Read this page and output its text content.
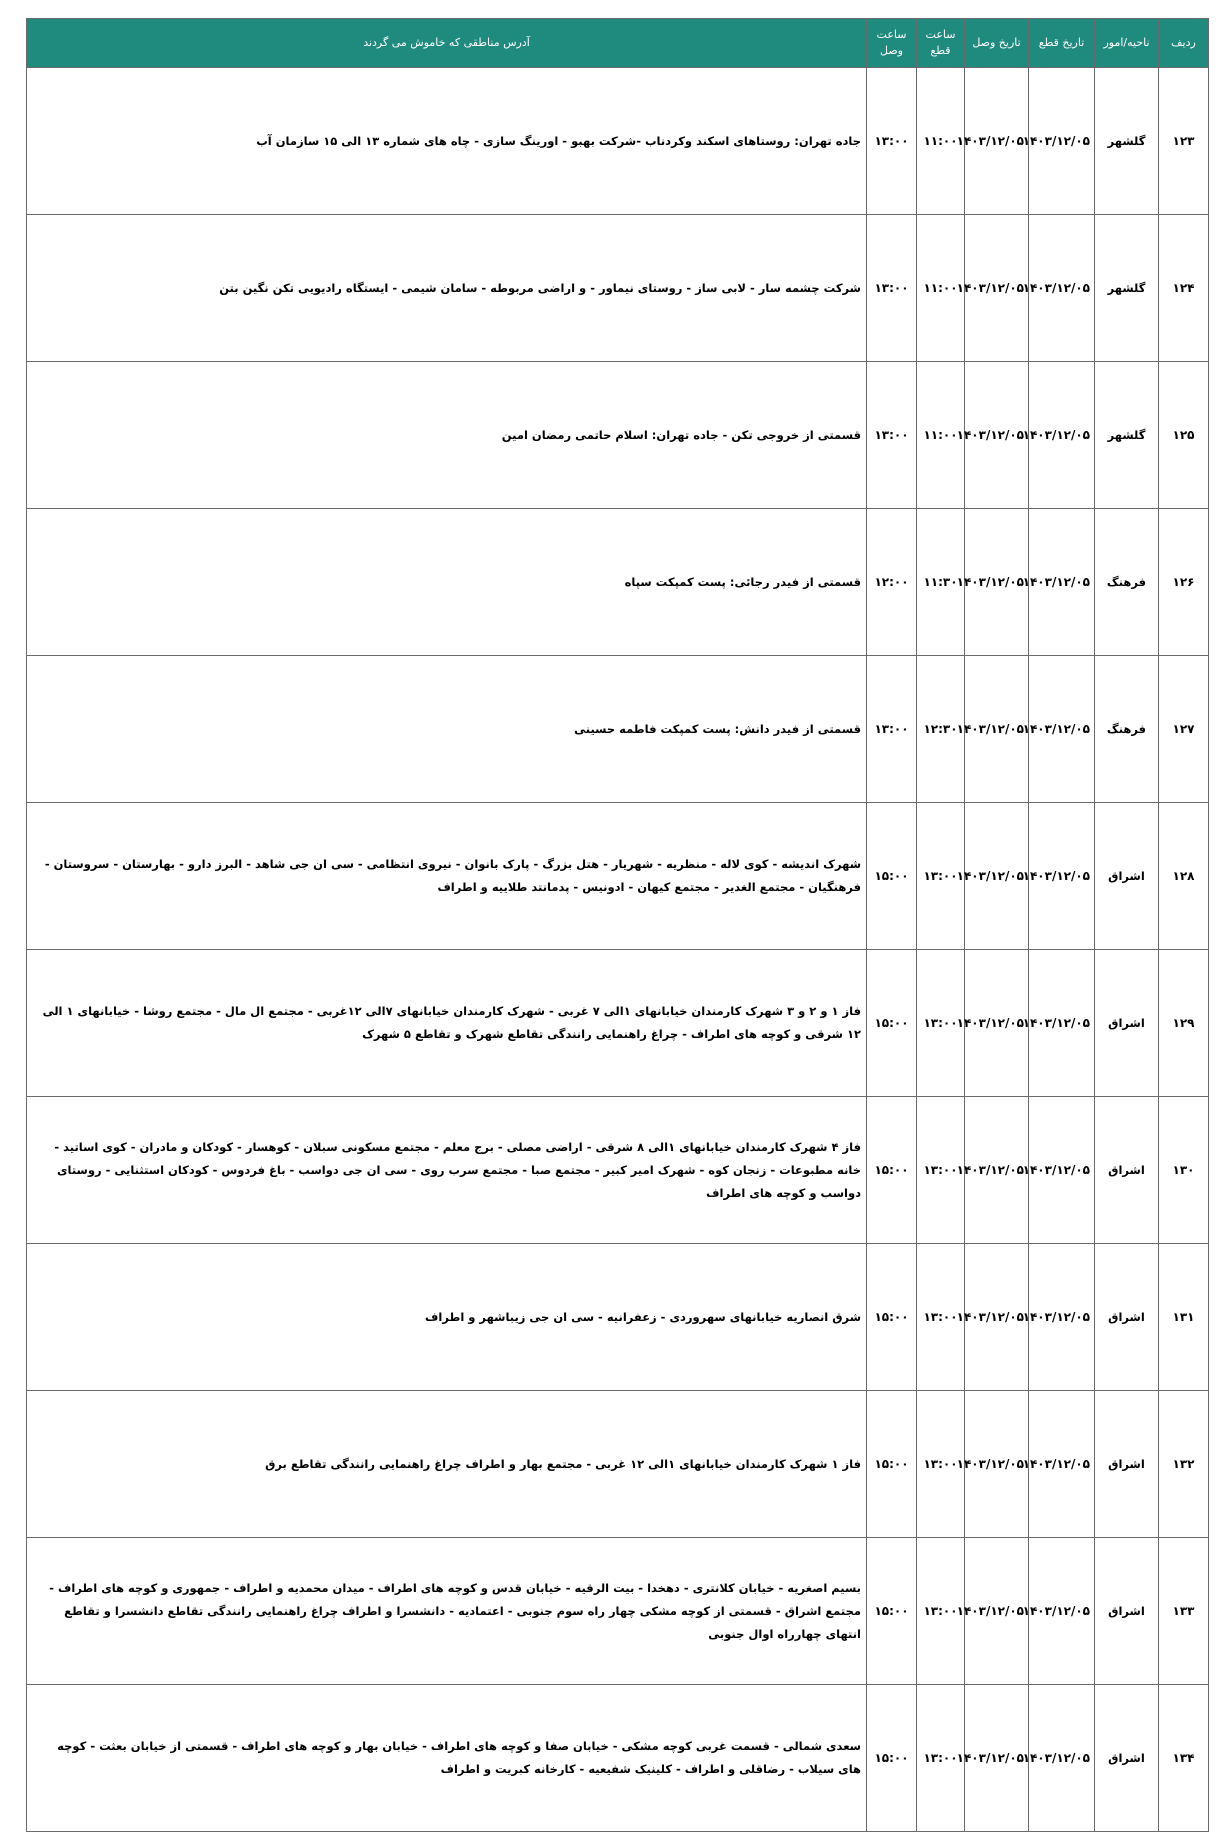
ردیف	ناحیه/امور	تاریخ قطع	تاریخ وصل	ساعت قطع	ساعت وصل	آدرس مناطقی که خاموش می گردند
۱۲۳	گلشهر	۱۴۰۳/۱۲/۰۵	۱۴۰۳/۱۲/۰۵	۱۱:۰۰	۱۳:۰۰	جاده تهران: روستاهای اسکند وکردناب -شرکت بهبو - اورینگ سازی - چاه های شماره ۱۳ الی ۱۵ سازمان آب
۱۲۴	گلشهر	۱۴۰۳/۱۲/۰۵	۱۴۰۳/۱۲/۰۵	۱۱:۰۰	۱۳:۰۰	شرکت چشمه سار - لابی ساز - روستای نیماور - و اراضی مربوطه - سامان شیمی - ایستگاه رادیویی تکن نگین بتن
۱۲۵	گلشهر	۱۴۰۳/۱۲/۰۵	۱۴۰۳/۱۲/۰۵	۱۱:۰۰	۱۳:۰۰	قسمتی از خروجی تکن - جاده تهران: اسلام حاتمی رمضان امین
۱۲۶	فرهنگ	۱۴۰۳/۱۲/۰۵	۱۴۰۳/۱۲/۰۵	۱۱:۳۰	۱۲:۰۰	قسمتی از فیدر رجائی: پست کمپکت سپاه
۱۲۷	فرهنگ	۱۴۰۳/۱۲/۰۵	۱۴۰۳/۱۲/۰۵	۱۲:۳۰	۱۳:۰۰	قسمتی از فیدر دانش: پست کمپکت فاطمه حسینی
۱۲۸	اشراق	۱۴۰۳/۱۲/۰۵	۱۴۰۳/۱۲/۰۵	۱۳:۰۰	۱۵:۰۰	شهرک اندیشه - کوی لاله - منظریه - شهریار - هتل بزرگ - پارک بانوان - نیروی انتظامی - سی ان جی شاهد - البرز دارو - بهارستان - سروستان - فرهنگیان - مجتمع الغدیر - مجتمع کیهان - ادونیس - پدمانتد طلاییه و اطراف
۱۲۹	اشراق	۱۴۰۳/۱۲/۰۵	۱۴۰۳/۱۲/۰۵	۱۳:۰۰	۱۵:۰۰	فاز ۱ و ۲ و ۳ شهرک کارمندان خیابانهای ۱الی ۷ غربی - شهرک کارمندان خیابانهای ۷الی ۱۲غربی - مجتمع ال مال - مجتمع روشا - خیابانهای ۱ الی ۱۲ شرقی و کوچه های اطراف - چراغ راهنمایی رانندگی تقاطع شهرک و تقاطع ۵ شهرک
۱۳۰	اشراق	۱۴۰۳/۱۲/۰۵	۱۴۰۳/۱۲/۰۵	۱۳:۰۰	۱۵:۰۰	فاز ۴ شهرک کارمندان خیابانهای ۱الی ۸ شرقی - اراضی مصلی - برج معلم - مجتمع مسکونی سبلان - کوهسار - کودکان و مادران - کوی اساتید - خانه مطبوعات - زنجان کوه - شهرک امیر کبیر - مجتمع صبا - مجتمع سرب روی - سی ان جی دواسب - باغ فردوس - کودکان استثنایی - روستای دواسب و کوچه های اطراف
۱۳۱	اشراق	۱۴۰۳/۱۲/۰۵	۱۴۰۳/۱۲/۰۵	۱۳:۰۰	۱۵:۰۰	شرق انصاریه خیابانهای سهروردی - زعفرانیه - سی ان جی زیباشهر و اطراف
۱۳۲	اشراق	۱۴۰۳/۱۲/۰۵	۱۴۰۳/۱۲/۰۵	۱۳:۰۰	۱۵:۰۰	فاز ۱ شهرک کارمندان خیابانهای ۱الی ۱۲ غربی - مجتمع بهار و اطراف چراغ راهنمایی رانندگی تقاطع برق
۱۳۳	اشراق	۱۴۰۳/۱۲/۰۵	۱۴۰۳/۱۲/۰۵	۱۳:۰۰	۱۵:۰۰	بسیم اصغریه - خیابان کلانتری - دهخدا - بیت الرقیه - خیابان قدس و کوچه های اطراف - میدان محمدیه و اطراف - جمهوری و کوچه های اطراف - مجتمع اشراق - قسمتی از کوچه مشکی چهار راه سوم جنوبی - اعتمادیه - دانشسرا و اطراف چراغ راهنمایی رانندگی تقاطع دانشسرا و تقاطع انتهای چهارراه اوال جنوبی
۱۳۴	اشراق	۱۴۰۳/۱۲/۰۵	۱۴۰۳/۱۲/۰۵	۱۳:۰۰	۱۵:۰۰	سعدی شمالی - قسمت غربی کوچه مشکی - خیابان صفا و کوچه های اطراف - خیابان بهار و کوچه های اطراف - قسمتی از خیابان بعثت - کوچه های سیلاب - رضاقلی و اطراف - کلینیک شفیعیه - کارخانه کبریت و اطراف
